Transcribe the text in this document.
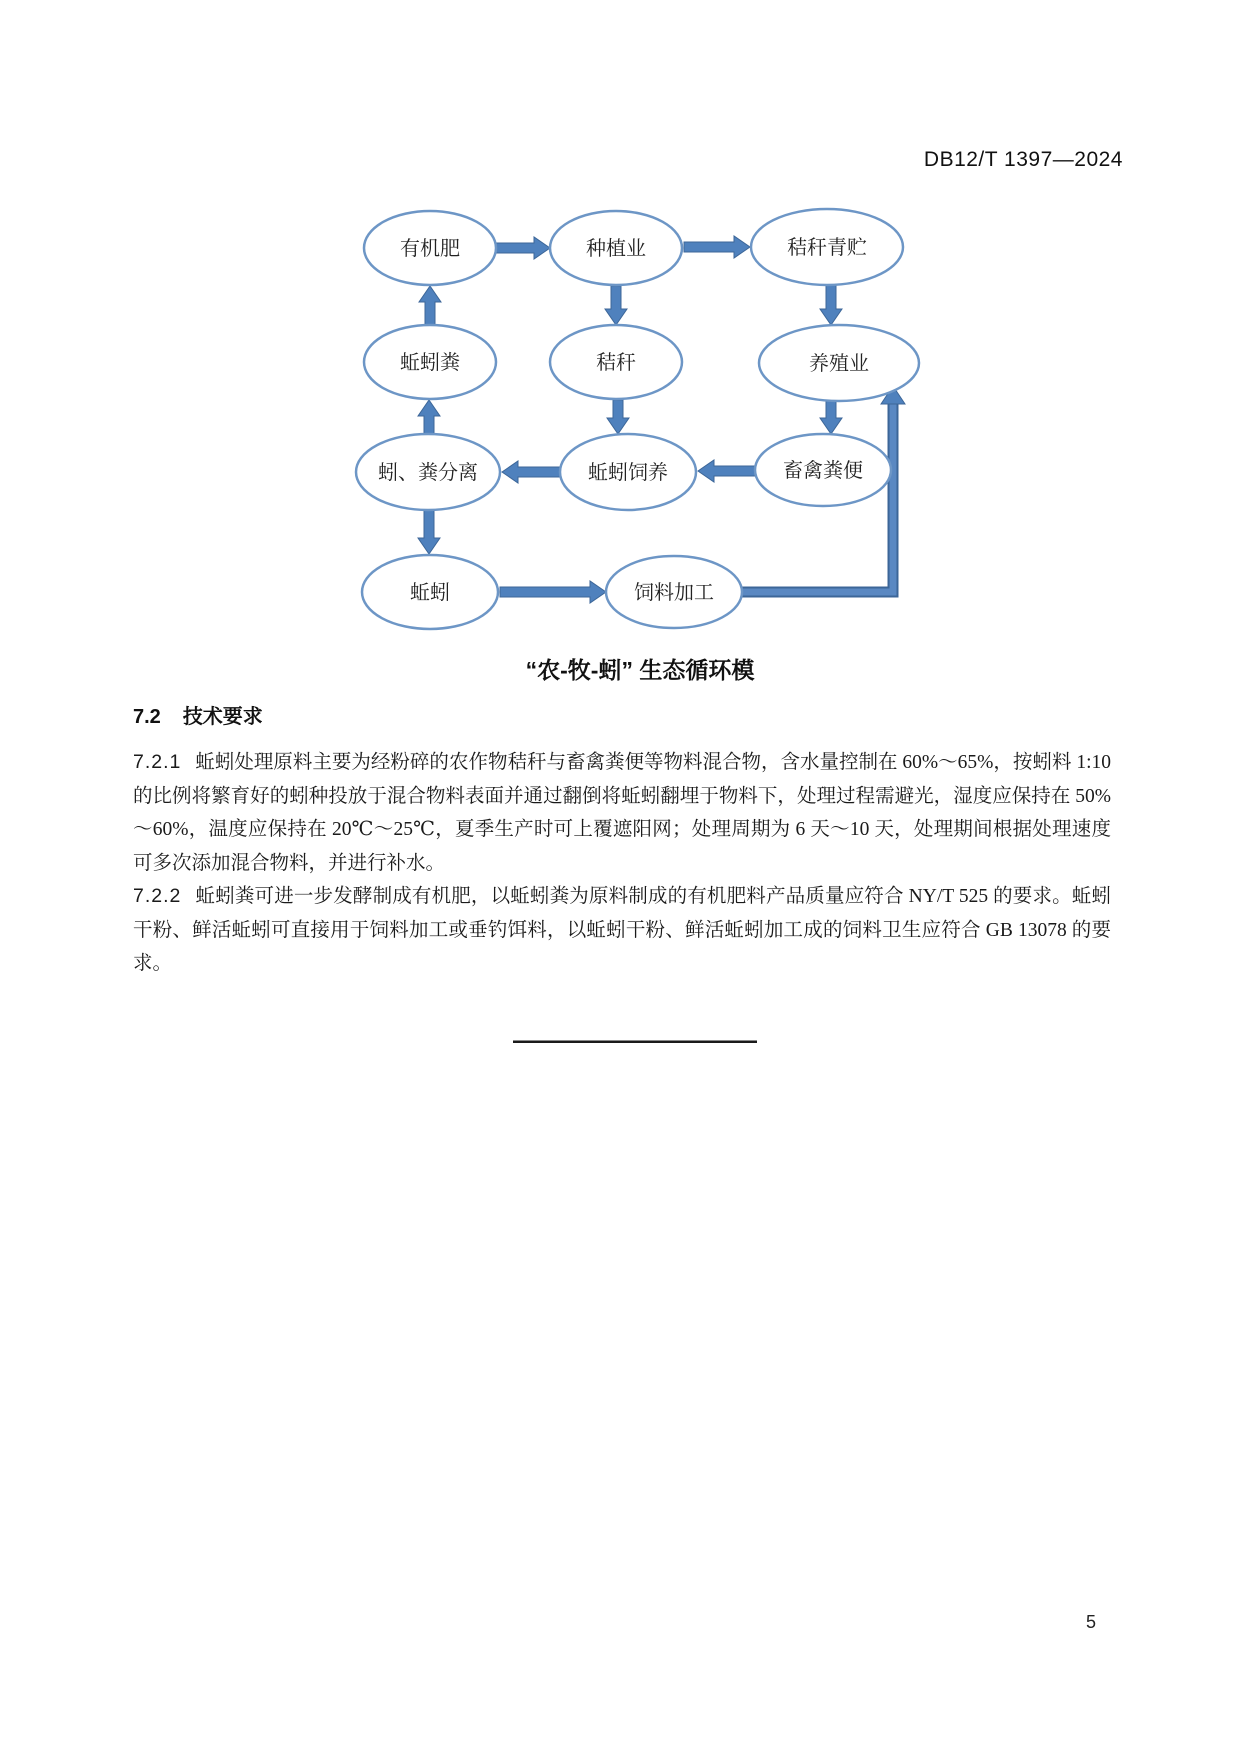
DB12/T 1397—2024
有机肥	种植业	秸秆青贮
蚯蚓粪	秸秆	养殖业
蚓、粪分离	蚯蚓饲养	畜禽粪便
蚯蚓	饲料加工
“农-牧-蚓” 生态循环模
7.2 技术要求

7.2.1 蚯蚓处理原料主要为经粉碎的农作物秸秆与畜禽粪便等物料混合物，含水量控制在 60%～65%，按蚓料 1:10 的比例将繁育好的蚓种投放于混合物料表面并通过翻倒将蚯蚓翻埋于物料下，处理过程需避光，湿度应保持在 50%～60%，温度应保持在 20℃～25℃，夏季生产时可上覆遮阳网；处理周期为 6 天～10 天，处理期间根据处理速度可多次添加混合物料，并进行补水。

7.2.2 蚯蚓粪可进一步发酵制成有机肥，以蚯蚓粪为原料制成的有机肥料产品质量应符合 NY/T 525 的要求。蚯蚓干粉、鲜活蚯蚓可直接用于饲料加工或垂钓饵料，以蚯蚓干粉、鲜活蚯蚓加工成的饲料卫生应符合 GB 13078 的要求。

5
